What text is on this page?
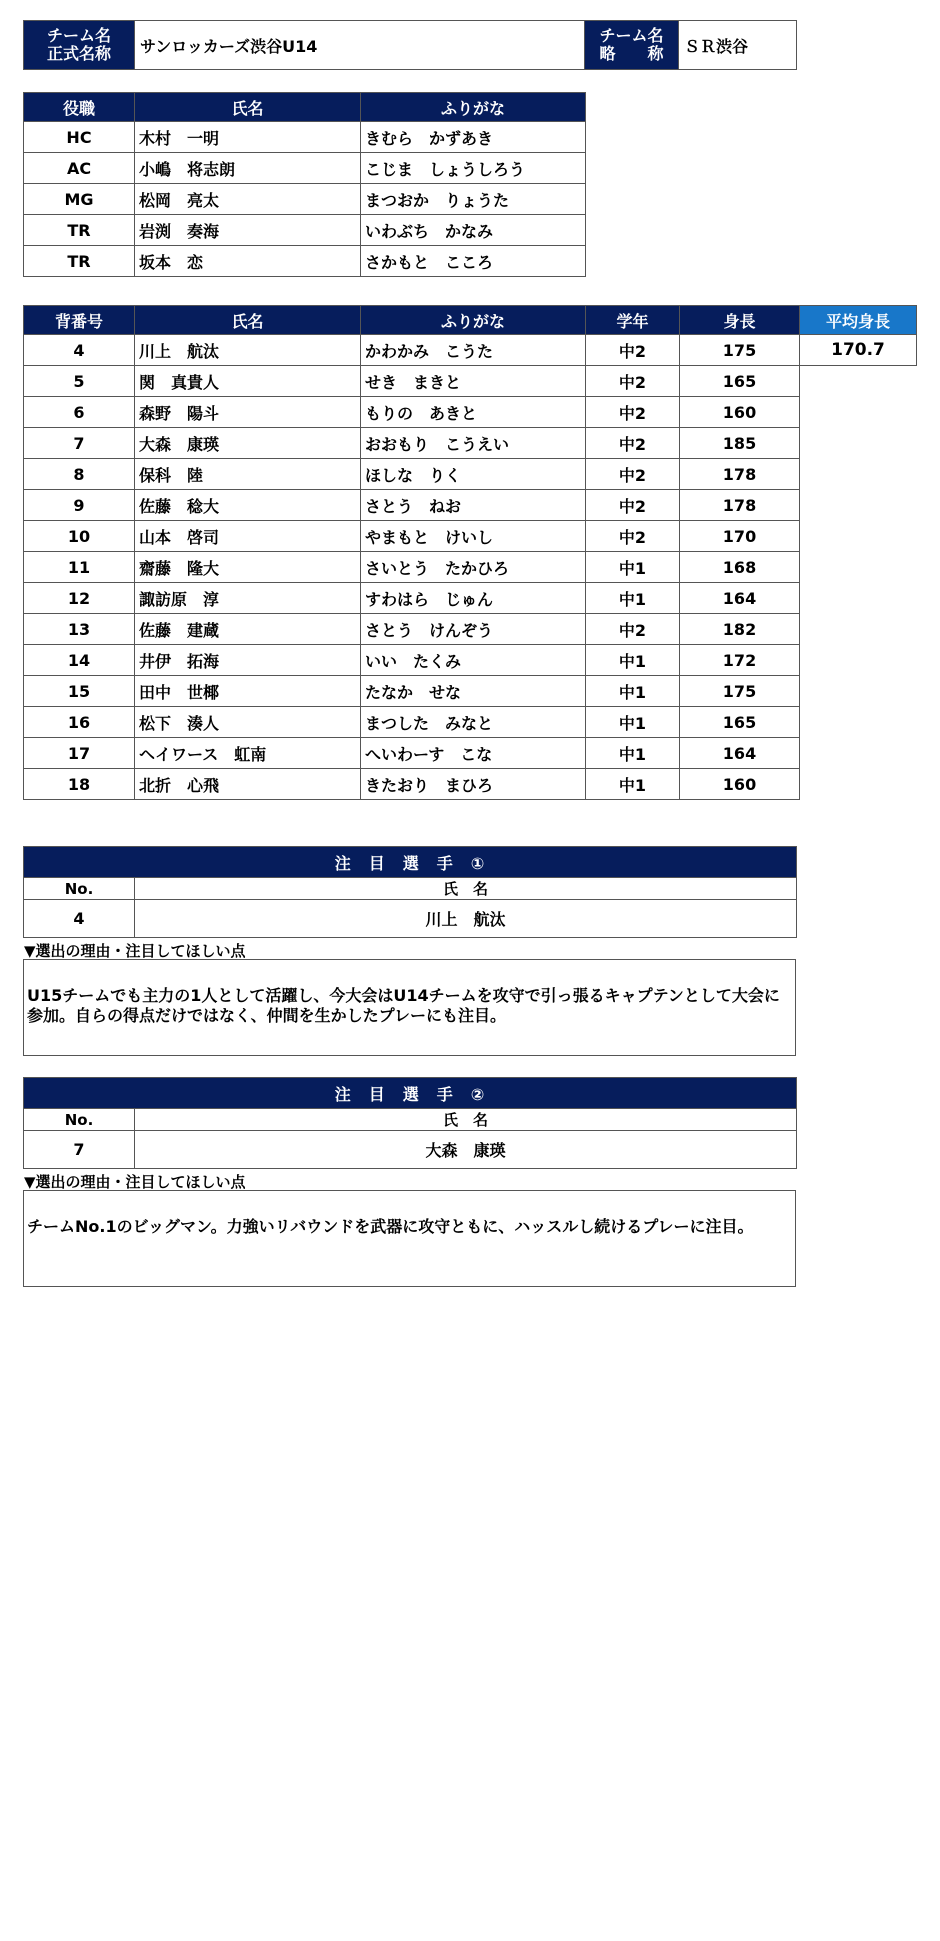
チーム名
正式名称	サンロッカーズ渋谷U14	チーム名
略　　称	ＳＲ渋谷
役職	氏名	ふりがな
HC	木村　一明	きむら　かずあき
AC	小嶋　将志朗	こじま　しょうしろう
MG	松岡　亮太	まつおか　りょうた
TR	岩渕　奏海	いわぶち　かなみ
TR	坂本　恋	さかもと　こころ
背番号	氏名	ふりがな	学年	身長	平均身長
4	川上　航汰	かわかみ　こうた	中2	175	170.7
5	関　真貴人	せき　まきと	中2	165	
6	森野　陽斗	もりの　あきと	中2	160	
7	大森　康瑛	おおもり　こうえい	中2	185	
8	保科　陸	ほしな　りく	中2	178	
9	佐藤　稔大	さとう　ねお	中2	178	
10	山本　啓司	やまもと　けいし	中2	170	
11	齋藤　隆大	さいとう　たかひろ	中1	168	
12	諏訪原　淳	すわはら　じゅん	中1	164	
13	佐藤　建蔵	さとう　けんぞう	中2	182	
14	井伊　拓海	いい　たくみ	中1	172	
15	田中　世椰	たなか　せな	中1	175	
16	松下　湊人	まつした　みなと	中1	165	
17	ヘイワース　虹南	へいわーす　こな	中1	164	
18	北折　心飛	きたおり　まひろ	中1	160	
注　目　選　手　①	
No.	氏　名
4	川上　航汰
▼選出の理由・注目してほしい点
U15チームでも主力の1人として活躍し、今大会はU14チームを攻守で引っ張るキャプテンとして大会に参加。自らの得点だけではなく、仲間を生かしたプレーにも注目。
注　目　選　手　②	
No.	氏　名
7	大森　康瑛
▼選出の理由・注目してほしい点
チームNo.1のビッグマン。力強いリバウンドを武器に攻守ともに、ハッスルし続けるプレーに注目。
